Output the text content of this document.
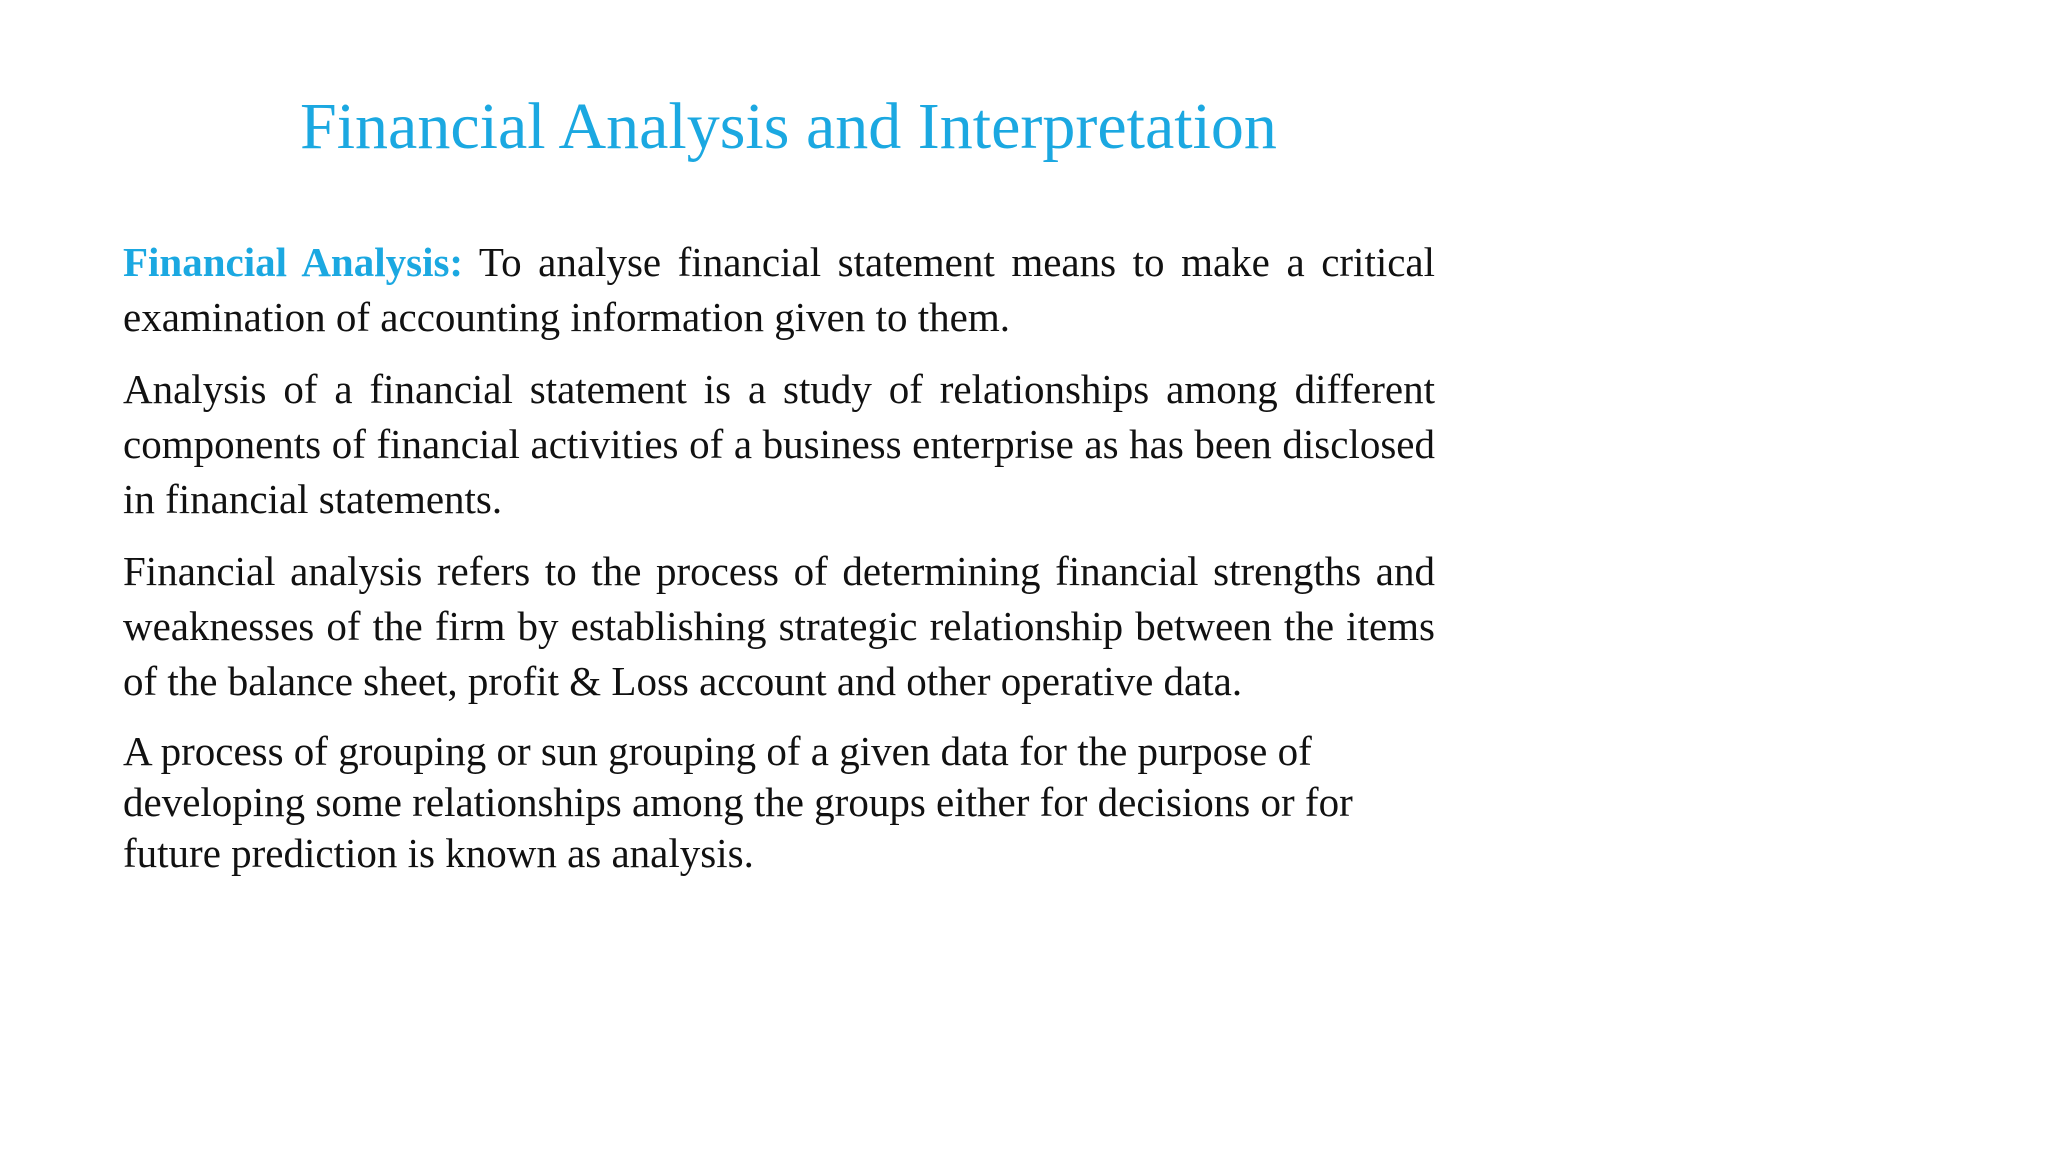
Financial Analysis and Interpretation

Financial Analysis: To analyse financial statement means to make a critical examination of accounting information given to them.

Analysis of a financial statement is a study of relationships among different components of financial activities of a business enterprise as has been disclosed in financial statements.

Financial analysis refers to the process of determining financial strengths and weaknesses of the firm by establishing strategic relationship between the items of the balance sheet, profit & Loss account and other operative data.

A process of grouping or sun grouping of a given data for the purpose of developing some relationships among the groups either for decisions or for future prediction is known as analysis.
